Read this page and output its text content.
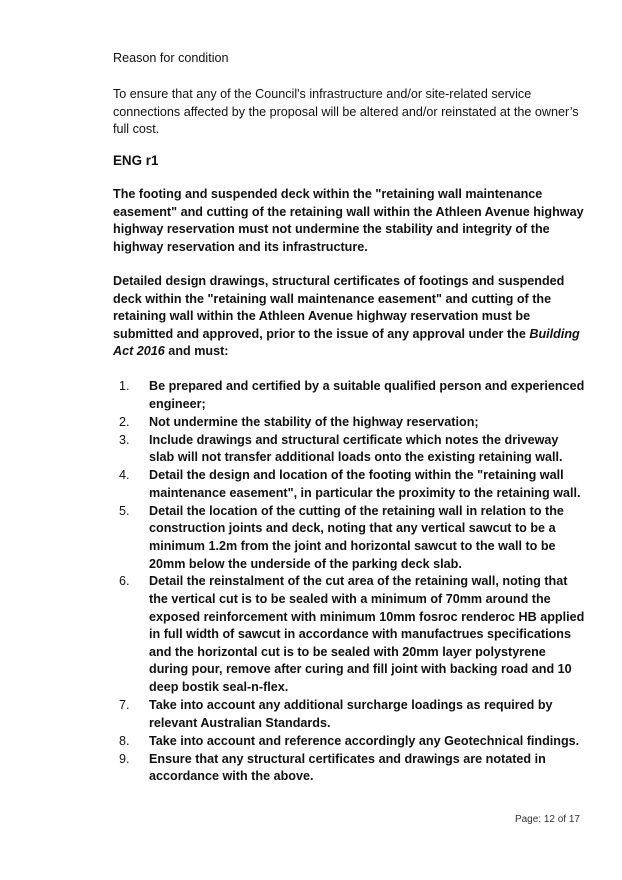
Reason for condition
To ensure that any of the Council's infrastructure and/or site-related service connections affected by the proposal will be altered and/or reinstated at the owner’s full cost.
ENG r1
The footing and suspended deck within the "retaining wall maintenance easement" and cutting of the retaining wall within the Athleen Avenue highway highway reservation must not undermine the stability and integrity of the highway reservation and its infrastructure.
Detailed design drawings, structural certificates of footings and suspended deck within the "retaining wall maintenance easement" and cutting of the retaining wall within the Athleen Avenue highway reservation must be submitted and approved, prior to the issue of any approval under the Building Act 2016 and must:
1. Be prepared and certified by a suitable qualified person and experienced engineer;
2. Not undermine the stability of the highway reservation;
3. Include drawings and structural certificate which notes the driveway slab will not transfer additional loads onto the existing retaining wall.
4. Detail the design and location of the footing within the "retaining wall maintenance easement", in particular the proximity to the retaining wall.
5. Detail the location of the cutting of the retaining wall in relation to the construction joints and deck, noting that any vertical sawcut to be a minimum 1.2m from the joint and horizontal sawcut to the wall to be 20mm below the underside of the parking deck slab.
6. Detail the reinstalment of the cut area of the retaining wall, noting that the vertical cut is to be sealed with a minimum of 70mm around the exposed reinforcement with minimum 10mm fosroc renderoc HB applied in full width of sawcut in accordance with manufactrues specifications and the horizontal cut is to be sealed with 20mm layer polystyrene during pour, remove after curing and fill joint with backing road and 10 deep bostik seal-n-flex.
7. Take into account any additional surcharge loadings as required by relevant Australian Standards.
8. Take into account and reference accordingly any Geotechnical findings.
9. Ensure that any structural certificates and drawings are notated in accordance with the above.
Page: 12 of 17
